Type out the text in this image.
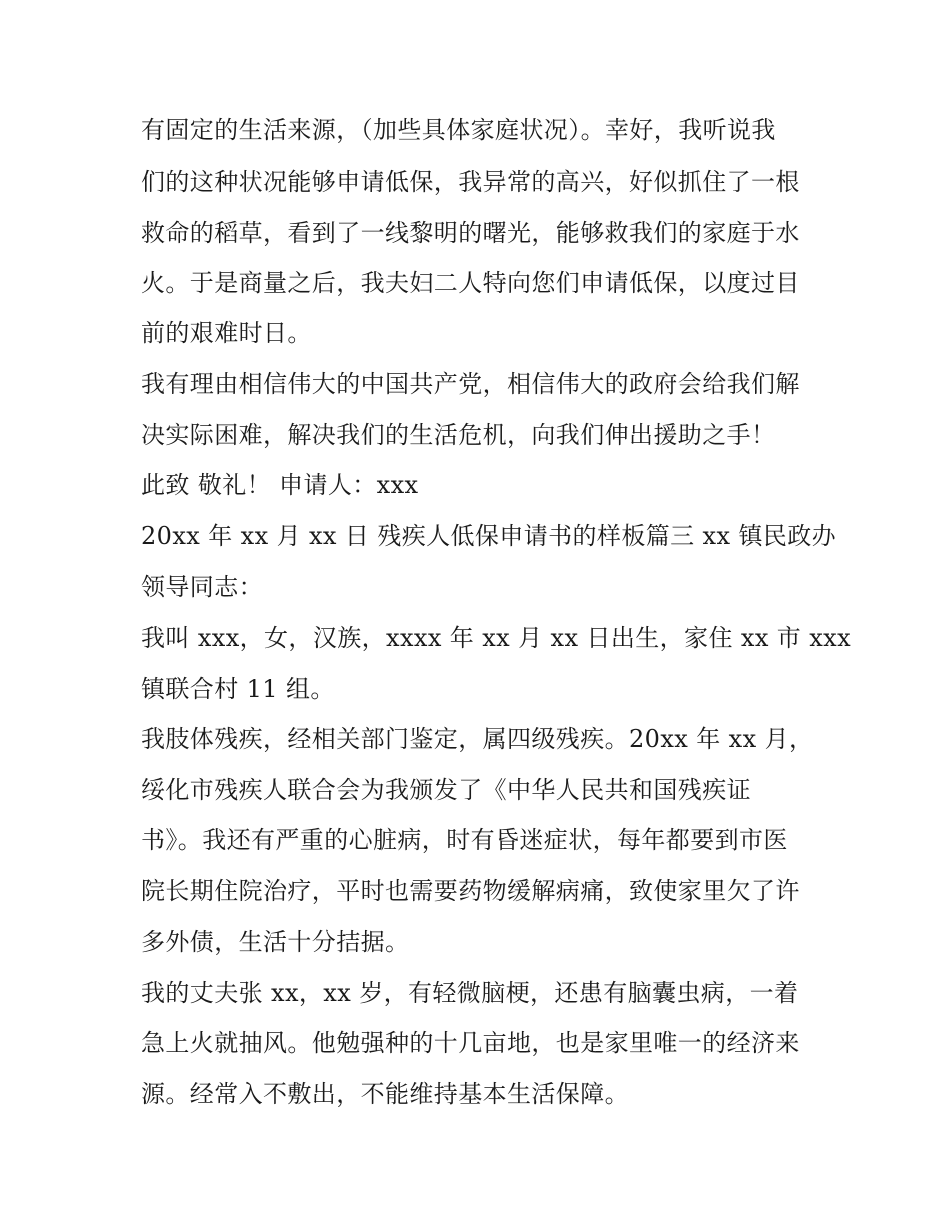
有固定的生活来源，（加些具体家庭状况）。幸好，我听说我
们的这种状况能够申请低保，我异常的高兴，好似抓住了一根
救命的稻草，看到了一线黎明的曙光，能够救我们的家庭于水
火。于是商量之后，我夫妇二人特向您们申请低保，以度过目
前的艰难时日。
我有理由相信伟大的中国共产党，相信伟大的政府会给我们解
决实际困难，解决我们的生活危机，向我们伸出援助之手！
此致 敬礼！ 申请人：xxx
20xx 年 xx 月 xx 日 残疾人低保申请书的样板篇三 xx 镇民政办
领导同志：
我叫 xxx，女，汉族，xxxx 年 xx 月 xx 日出生，家住 xx 市 xxx
镇联合村 11 组。
我肢体残疾，经相关部门鉴定，属四级残疾。20xx 年 xx 月，
绥化市残疾人联合会为我颁发了《中华人民共和国残疾证
书》。我还有严重的心脏病，时有昏迷症状，每年都要到市医
院长期住院治疗，平时也需要药物缓解病痛，致使家里欠了许
多外债，生活十分拮据。
我的丈夫张 xx，xx 岁，有轻微脑梗，还患有脑囊虫病，一着
急上火就抽风。他勉强种的十几亩地，也是家里唯一的经济来
源。经常入不敷出，不能维持基本生活保障。
